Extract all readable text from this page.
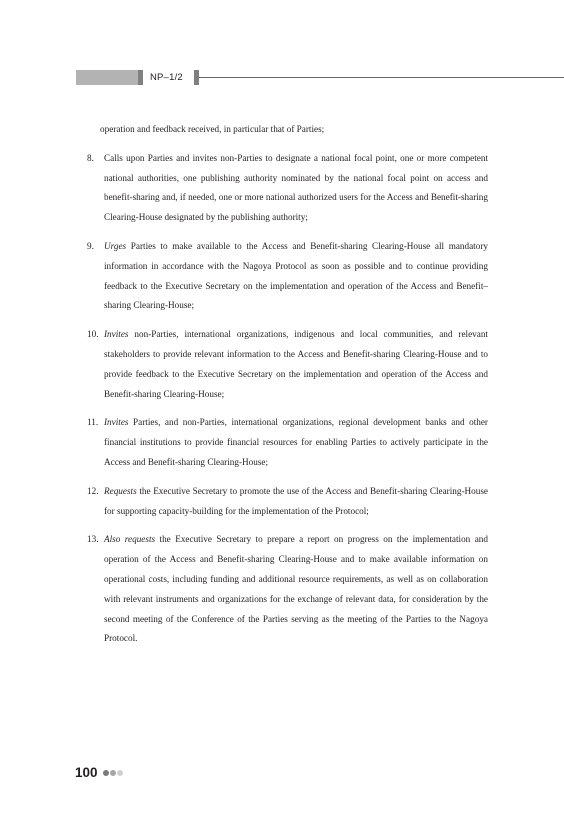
NP–1/2

operation and feedback received, in particular that of Parties;

8. Calls upon Parties and invites non-Parties to designate a national focal point, one or more competent national authorities, one publishing authority nominated by the national focal point on access and benefit-sharing and, if needed, one or more national authorized users for the Access and Benefit-sharing Clearing-House designated by the publishing authority;

9. Urges Parties to make available to the Access and Benefit-sharing Clearing-House all mandatory information in accordance with the Nagoya Protocol as soon as possible and to continue providing feedback to the Executive Secretary on the implementation and operation of the Access and Benefit–sharing Clearing-House;

10. Invites non-Parties, international organizations, indigenous and local communities, and relevant stakeholders to provide relevant information to the Access and Benefit-sharing Clearing-House and to provide feedback to the Executive Secretary on the implementation and operation of the Access and Benefit-sharing Clearing-House;

11. Invites Parties, and non-Parties, international organizations, regional development banks and other financial institutions to provide financial resources for enabling Parties to actively participate in the Access and Benefit-sharing Clearing-House;

12. Requests the Executive Secretary to promote the use of the Access and Benefit-sharing Clearing-House for supporting capacity-building for the implementation of the Protocol;

13. Also requests the Executive Secretary to prepare a report on progress on the implementation and operation of the Access and Benefit-sharing Clearing-House and to make available information on operational costs, including funding and additional resource requirements, as well as on collaboration with relevant instruments and organizations for the exchange of relevant data, for consideration by the second meeting of the Conference of the Parties serving as the meeting of the Parties to the Nagoya Protocol.

100
